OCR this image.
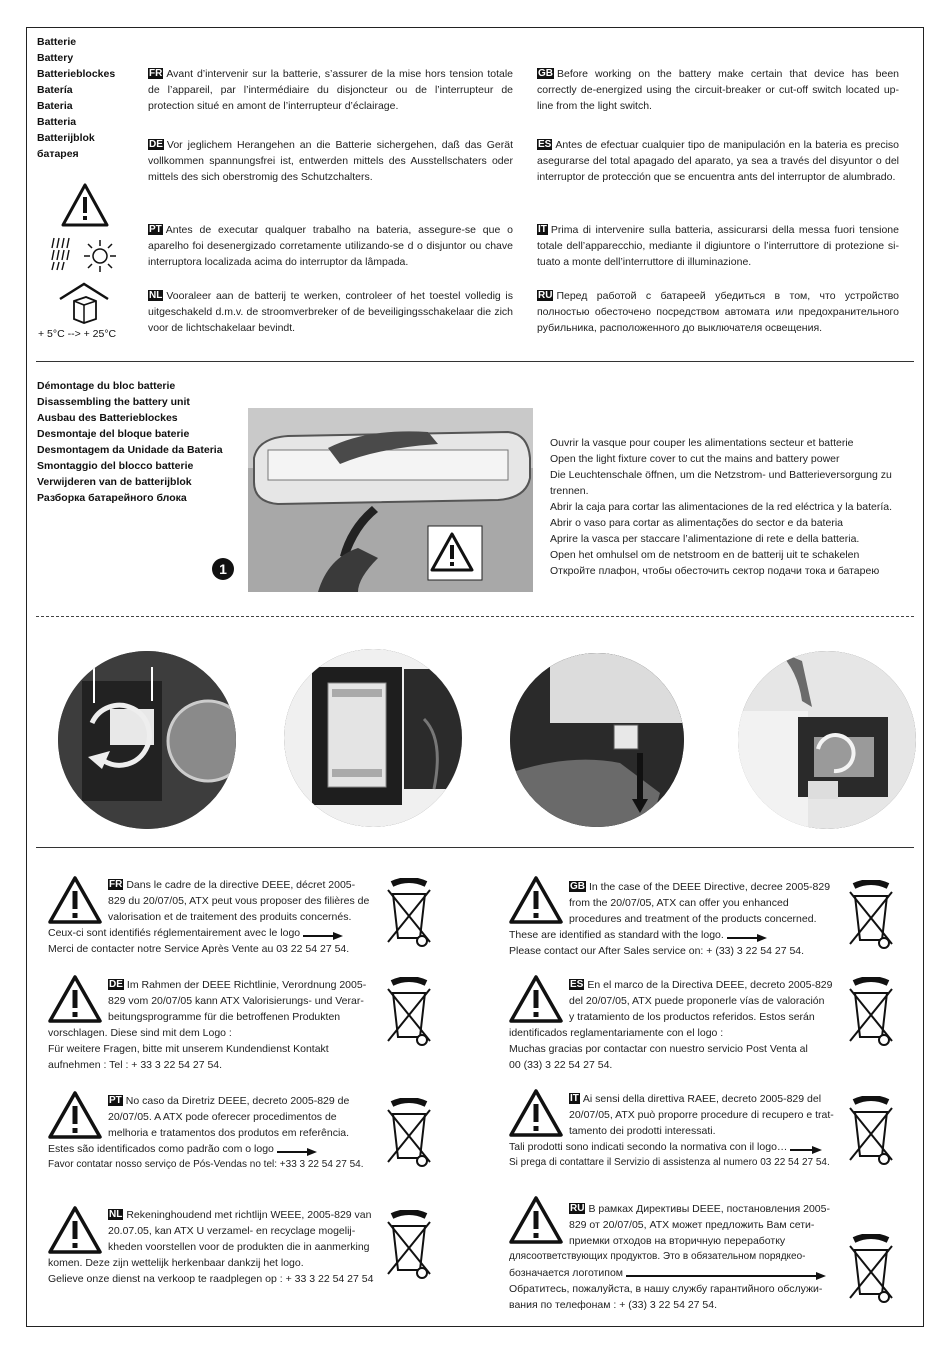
Batterie
Battery
Batterieblockes
Batería
Bateria
Batteria
Batterijblok
батарея
+ 5°C --> + 25°C
FR Avant d’intervenir sur la batterie, s’assurer de la mise hors tension totale de l’appareil, par l’intermédiaire du disjoncteur ou de l’interrupteur de protection situé en amont de l’interrupteur d’éclairage.
GB Before working on the battery make certain that device has been correctly de-energized using the circuit-breaker or cut-off switch located up-line from the light switch.
DE Vor jeglichem Herangehen an die Batterie sichergehen, daß das Gerät vollkommen spannungsfrei ist, entwerden mittels des Ausstellschaters oder mittels des sich oberstromig des Schutzchalters.
ES Antes de efectuar cualquier tipo de manipulación en la bateria es preciso asegurarse del total apagado del aparato, ya sea a través del disyuntor o del interruptor de protección que se encuentra ants del interruptor de alumbrado.
PT Antes de executar qualquer trabalho na bateria, assegure-se que o aparelho foi desenergizado corretamente utilizando-se d o disjuntor ou chave interruptora localizada acima do interruptor da lâmpada.
IT Prima di intervenire sulla batteria, assicurarsi della messa fuori tensione totale dell’apparecchio, mediante il digiuntore o l’interruttore di protezione si- tuato a monte dell’interruttore di illuminazione.
NL Vooraleer aan de batterij te werken, controleer of het toestel volledig is uitgeschakeld d.m.v. de stroomverbreker of de beveiligingsschakelaar die zich voor de lichtschakelaar bevindt.
RU Перед работой с батареей убедиться в том, что устройство полностью обесточено посредством автомата или предохранительного рубильника, расположенного до выключателя освещения.
Démontage du bloc batterie
Disassembling the battery unit
Ausbau des Batterieblockes
Desmontaje del bloque baterie
Desmontagem da Unidade da Bateria
Smontaggio del blocco batterie
Verwijderen van de batterijblok
Разборка батарейного блока
1
Ouvrir la vasque pour couper les alimentations secteur et batterie
Open the light fixture cover to cut the mains and battery power
Die Leuchtenschale öffnen, um die Netzstrom- und Batterieversorgung zu trennen.
Abrir la caja para cortar las alimentaciones de la red eléctrica y la batería.
Abrir o vaso para cortar as alimentações do sector e da bateria
Aprire la vasca per staccare l’alimentazione di rete e della batteria.
Open het omhulsel om de netstroom en de batterij uit te schakelen
Откройте плафон, чтобы обесточить сектор подачи тока и батарею
FR Dans le cadre de la directive DEEE, décret 2005-
829 du 20/07/05, ATX peut vous proposer des filières de
valorisation et de traitement des produits concernés.
Ceux-ci sont identifiés réglementairement avec le logo
Merci de contacter notre Service Après Vente au 03 22 54 27 54.
GB In the case of the DEEE Directive, decree 2005-829
from the 20/07/05, ATX can offer you enhanced
procedures and treatment of the products concerned.
These are identified as standard with the logo.
Please contact our After Sales service on: + (33) 3 22 54 27 54.
DE Im Rahmen der DEEE Richtlinie, Verordnung 2005-
829 vom 20/07/05 kann ATX Valorisierungs- und Verar-
beitungsprogramme für die betroffenen Produkten
vorschlagen. Diese sind mit dem Logo :
Für weitere Fragen, bitte mit unserem Kundendienst Kontakt
aufnehmen : Tel : + 33 3 22 54 27 54.
ES En el marco de la Directiva DEEE, decreto 2005-829
del 20/07/05, ATX puede proponerle vías de valoración
y tratamiento de los productos referidos. Estos serán
identificados reglamentariamente con el logo :
Muchas gracias por contactar con nuestro servicio Post Venta al
00 (33) 3 22 54 27 54.
PT No caso da Diretriz DEEE, decreto 2005-829 de
20/07/05. A ATX pode oferecer procedimentos de
melhoria e tratamentos dos produtos em referência.
Estes são identificados como padrão com o logo
Favor contatar nosso serviço de Pós-Vendas no tel: +33 3 22 54 27 54.
IT Ai sensi della direttiva RAEE, decreto 2005-829 del
20/07/05, ATX può proporre procedure di recupero e trat-
tamento dei prodotti interessati.
Tali prodotti sono indicati secondo la normativa con il logo…
Si prega di contattare il Servizio di assistenza al numero 03 22 54 27 54.
NL Rekeninghoudend met richtlijn WEEE, 2005-829 van
20.07.05, kan ATX U verzamel- en recyclage mogelij-
kheden voorstellen voor de produkten die in aanmerking
komen. Deze zijn wettelijk herkenbaar dankzij het logo.
Gelieve onze dienst na verkoop te raadplegen op : + 33 3 22 54 27 54
RU В рамках Директивы DEEE, постановления 2005-
829 от 20/07/05, ATX может предложить Вам сети-
приемки отходов на вторичную переработку
длясоответствующих продуктов. Это в обязательном порядкео-
бозначается логотипом
Обратитесь, пожалуйста, в нашу службу гарантийного обслужи-
вания по телефонам : + (33) 3 22 54 27 54.
